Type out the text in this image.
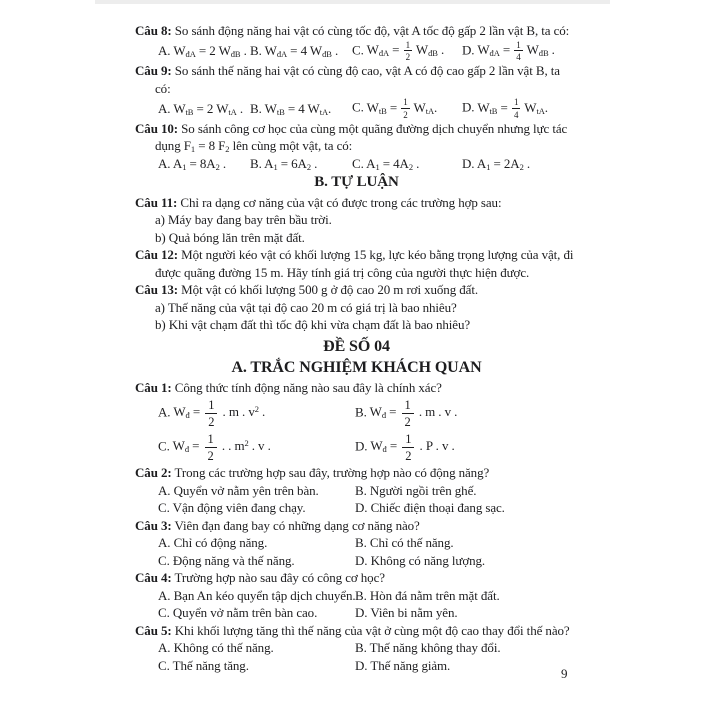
Câu 8: So sánh động năng hai vật có cùng tốc độ, vật A tốc độ gấp 2 lần vật B, ta có:

A. $W_{đA} = 2$ $W_{đB}$ . B. $W_{đA} = 4$ $W_{đB}$ .	C. $W_{đA} = \frac{1}{2} W_{đB}$ .	D. $W_{đA} = \frac{1}{4} W_{đB}$ .

Câu 9: So sánh thế năng hai vật có cùng độ cao, vật A có độ cao gấp 2 lần vật B, ta có:

A. $W_{tB} = 2$ $W_{tA}$ . B. $W_{tB} = 4$ $W_{tA}$.	C. $W_{tB} = \frac{1}{2} W_{tA}$.	D. $W_{tB} = \frac{1}{4} W_{tA}$.

Câu 10: So sánh công cơ học của cùng một quãng đường dịch chuyển nhưng lực tác dụng $F_1 = 8$ $F_2$ lên cùng một vật, ta có:

A. $A_1 = 8A_2$ .	B. $A_1 = 6A_2$ .	C. $A_1 = 4A_2$ .	D. $A_1 = 2A_2$ .

B. TỰ LUẬN

Câu 11: Chỉ ra dạng cơ năng của vật có được trong các trường hợp sau:

a) Máy bay đang bay trên bầu trời.

b) Quả bóng lăn trên mặt đất.

Câu 12: Một người kéo vật có khối lượng 15 kg, lực kéo bằng trọng lượng của vật, đi được quãng đường 15 m. Hãy tính giá trị công của người thực hiện được.

Câu 13: Một vật có khối lượng 500 g ở độ cao 20 m rơi xuống đất.

a) Thế năng của vật tại độ cao 20 m có giá trị là bao nhiêu?

b) Khi vật chạm đất thì tốc độ khi vừa chạm đất là bao nhiêu?

ĐỀ SỐ 04

A. TRẮC NGHIỆM KHÁCH QUAN

Câu 1: Công thức tính động năng nào sau đây là chính xác?

A. $W_đ = \frac{1}{2}$ . m . $v^2$ .	B. $W_đ = \frac{1}{2}$ . m . v .
C. $W_đ = \frac{1}{2}$ . . $m^2$ . v .	D. $W_đ = \frac{1}{2}$ . P . v .

Câu 2: Trong các trường hợp sau đây, trường hợp nào có động năng?

A. Quyển vở nằm yên trên bàn.	B. Người ngồi trên ghế.
C. Vận động viên đang chạy.	D. Chiếc điện thoại đang sạc.

Câu 3: Viên đạn đang bay có những dạng cơ năng nào?

A. Chỉ có động năng.	B. Chỉ có thế năng.
C. Động năng và thế năng.	D. Không có năng lượng.

Câu 4: Trường hợp nào sau đây có công cơ học?

A. Bạn An kéo quyển tập dịch chuyển. B. Hòn đá nằm trên mặt đất.
C. Quyển vở nằm trên bàn cao.	D. Viên bi nằm yên.

Câu 5: Khi khối lượng tăng thì thế năng của vật ở cùng một độ cao thay đổi thế nào?

A. Không có thế năng.	B. Thế năng không thay đổi.
C. Thế năng tăng.	D. Thế năng giảm.
9
